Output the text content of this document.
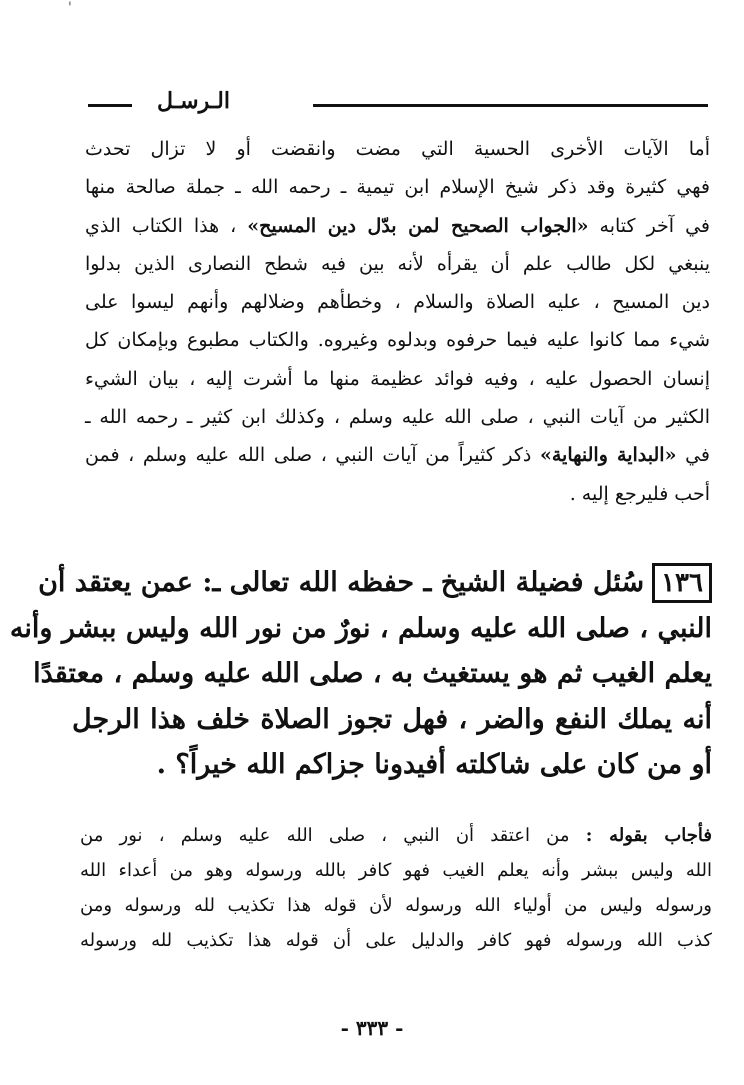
'
الـرسـل
أما الآيات الأخرى الحسية التي مضت وانقضت أو لا تزال تحدث
فهي كثيرة وقد ذكر شيخ الإسلام ابن تيمية ـ رحمه الله ـ جملة صالحة منها
في آخر كتابه «الجواب الصحيح لمن بدّل دين المسيح» ، هذا الكتاب الذي
ينبغي لكل طالب علم أن يقرأه لأنه بين فيه شطح النصارى الذين بدلوا
دين المسيح ، عليه الصلاة والسلام ، وخطأهم وضلالهم وأنهم ليسوا على
شيء مما كانوا عليه فيما حرفوه وبدلوه وغيروه. والكتاب مطبوع وبإمكان كل
إنسان الحصول عليه ، وفيه فوائد عظيمة منها ما أشرت إليه ، بيان الشيء
الكثير من آيات النبي ، صلى الله عليه وسلم ، وكذلك ابن كثير ـ رحمه الله ـ
في «البداية والنهاية» ذكر كثيراً من آيات النبي ، صلى الله عليه وسلم ، فمن
أحب فليرجع إليه .
١٣٦سُئل فضيلة الشيخ ـ حفظه الله تعالى ـ: عمن يعتقد أن
النبي ، صلى الله عليه وسلم ، نورٌ من نور الله وليس ببشر وأنه
يعلم الغيب ثم هو يستغيث به ، صلى الله عليه وسلم ، معتقدًا
أنه يملك النفع والضر ، فهل تجوز الصلاة خلف هذا الرجل
أو من كان على شاكلته أفيدونا جزاكم الله خيراً؟ .
فأجاب بقوله : من اعتقد أن النبي ، صلى الله عليه وسلم ، نور من
الله وليس ببشر وأنه يعلم الغيب فهو كافر بالله ورسوله وهو من أعداء الله
ورسوله وليس من أولياء الله ورسوله لأن قوله هذا تكذيب لله ورسوله ومن
كذب الله ورسوله فهو كافر والدليل على أن قوله هذا تكذيب لله ورسوله
- ٣٣٣ -
